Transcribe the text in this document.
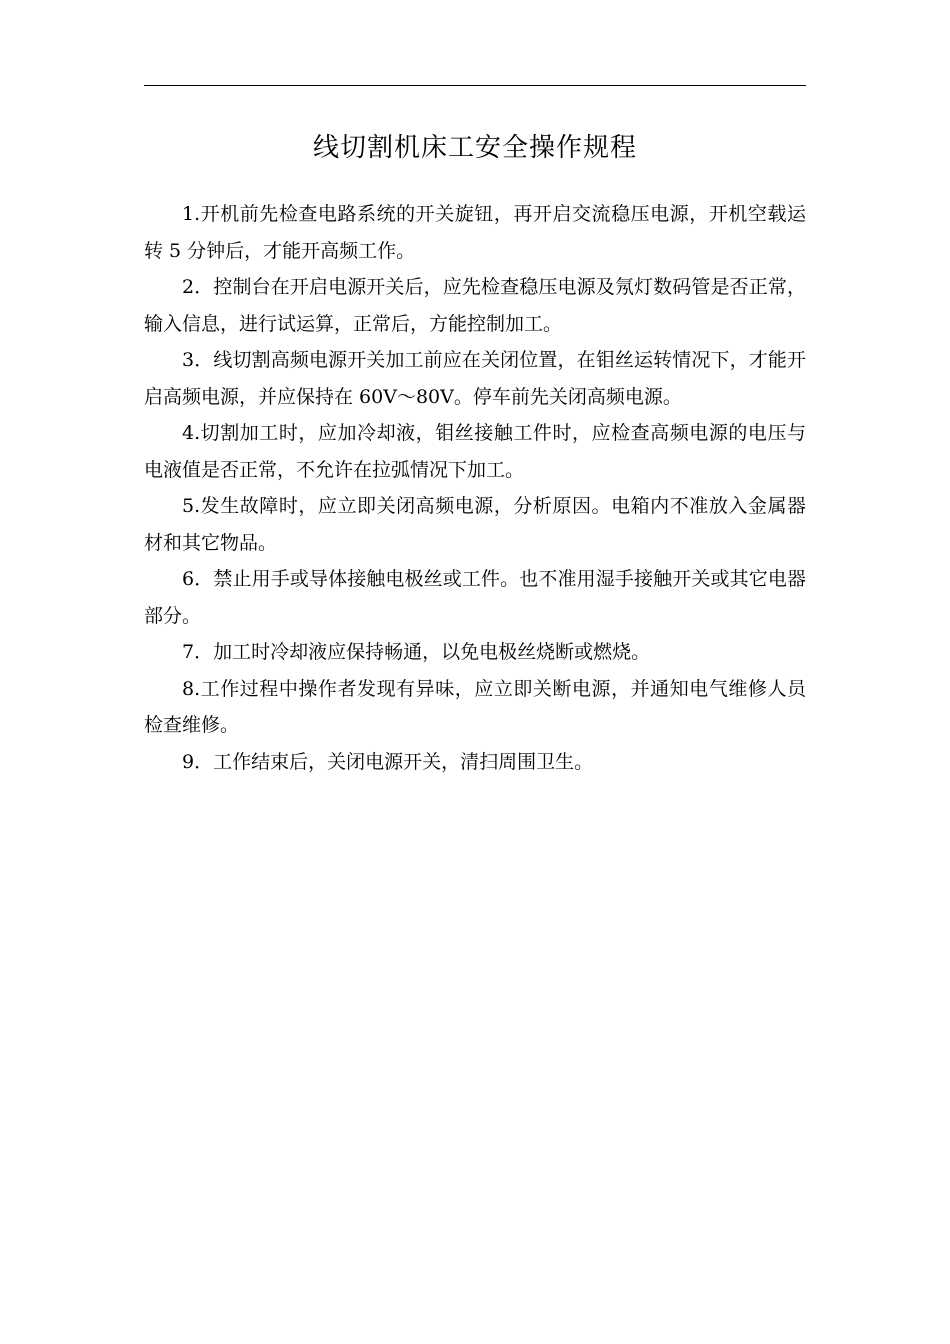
线切割机床工安全操作规程

1.开机前先检查电路系统的开关旋钮，再开启交流稳压电源，开机空载运转 5 分钟后，才能开高频工作。

2．控制台在开启电源开关后，应先检查稳压电源及氖灯数码管是否正常，输入信息，进行试运算，正常后，方能控制加工。

3．线切割高频电源开关加工前应在关闭位置，在钼丝运转情况下，才能开启高频电源，并应保持在 60V～80V。停车前先关闭高频电源。

4.切割加工时，应加冷却液，钼丝接触工件时，应检查高频电源的电压与电液值是否正常，不允许在拉弧情况下加工。

5.发生故障时，应立即关闭高频电源，分析原因。电箱内不准放入金属器材和其它物品。

6．禁止用手或导体接触电极丝或工件。也不准用湿手接触开关或其它电器部分。

7．加工时冷却液应保持畅通，以免电极丝烧断或燃烧。

8.工作过程中操作者发现有异味，应立即关断电源，并通知电气维修人员检查维修。

9．工作结束后，关闭电源开关，清扫周围卫生。
